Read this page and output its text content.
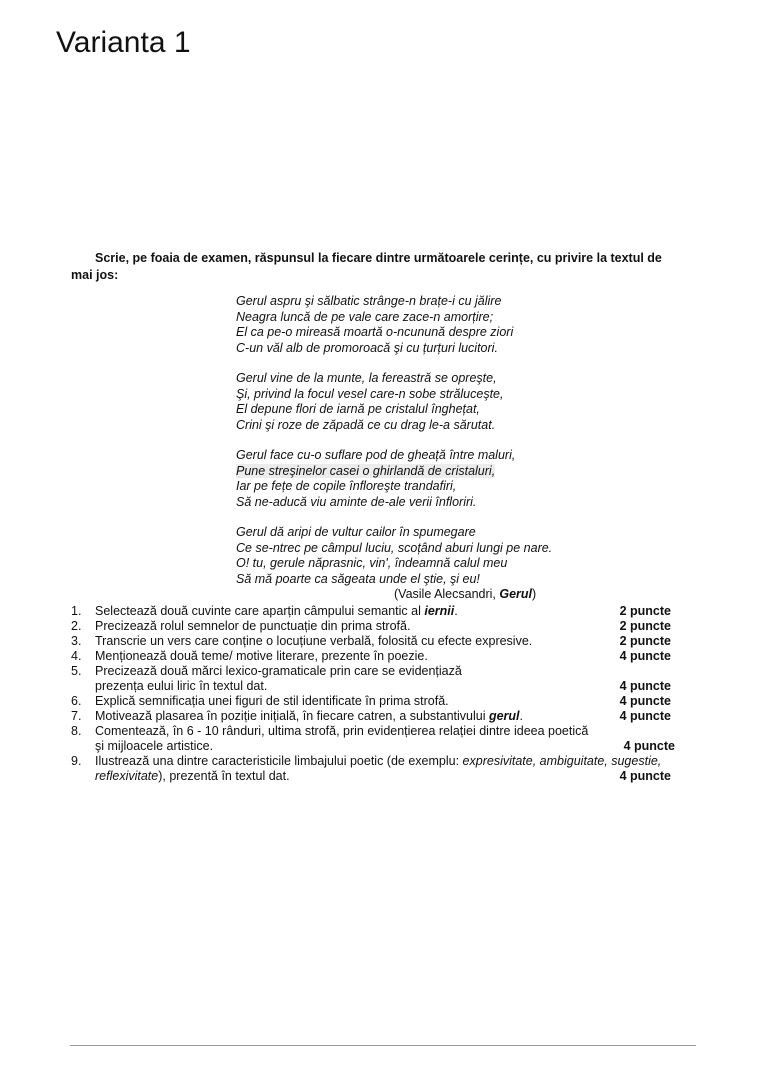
Varianta 1
Scrie, pe foaia de examen, răspunsul la fiecare dintre următoarele cerințe, cu privire la textul de mai jos:
Gerul aspru şi sălbatic strânge-n brațe-i cu jălire
Neagra luncă de pe vale care zace-n amorțire;
El ca pe-o mireasă moartă o-ncunună despre ziori
C-un văl alb de promoroacă şi cu țurțuri lucitori.
Gerul vine de la munte, la fereastră se opreşte,
Şi, privind la focul vesel care-n sobe străluceşte,
El depune flori de iarnă pe cristalul înghețat,
Crini şi roze de zăpadă ce cu drag le-a sărutat.
Gerul face cu-o suflare pod de gheață între maluri,
Pune streşinelor casei o ghirlandă de cristaluri,
Iar pe fețe de copile înfloreşte trandafiri,
Să ne-aducă viu aminte de-ale verii înfloriri.
Gerul dă aripi de vultur cailor în spumegare
Ce se-ntrec pe câmpul luciu, scoțând aburi lungi pe nare.
O! tu, gerule năprasnic, vin', îndeamnă calul meu
Să mă poarte ca săgeata unde el ştie, şi eu!
(Vasile Alecsandri, Gerul)
1. Selectează două cuvinte care aparțin câmpului semantic al iernii.	2 puncte
2. Precizează rolul semnelor de punctuație din prima strofă.	2 puncte
3. Transcrie un vers care conține o locuțiune verbală, folosită cu efecte expresive.	2 puncte
4. Menționează două teme/ motive literare, prezente în poezie.	4 puncte
5. Precizează două mărci lexico-gramaticale prin care se evidențiază
prezența eului liric în textul dat.	4 puncte
6. Explică semnificația unei figuri de stil identificate în prima strofă.	4 puncte
7. Motivează plasarea în poziție inițială, în fiecare catren, a substantivului gerul.	4 puncte
8. Comentează, în 6 - 10 rânduri, ultima strofă, prin evidențierea relației dintre ideea poetică
şi mijloacele artistice.	4 puncte
9. Ilustrează una dintre caracteristicile limbajului poetic (de exemplu: expresivitate, ambiguitate, sugestie,
reflexivitate), prezentă în textul dat.	4 puncte
